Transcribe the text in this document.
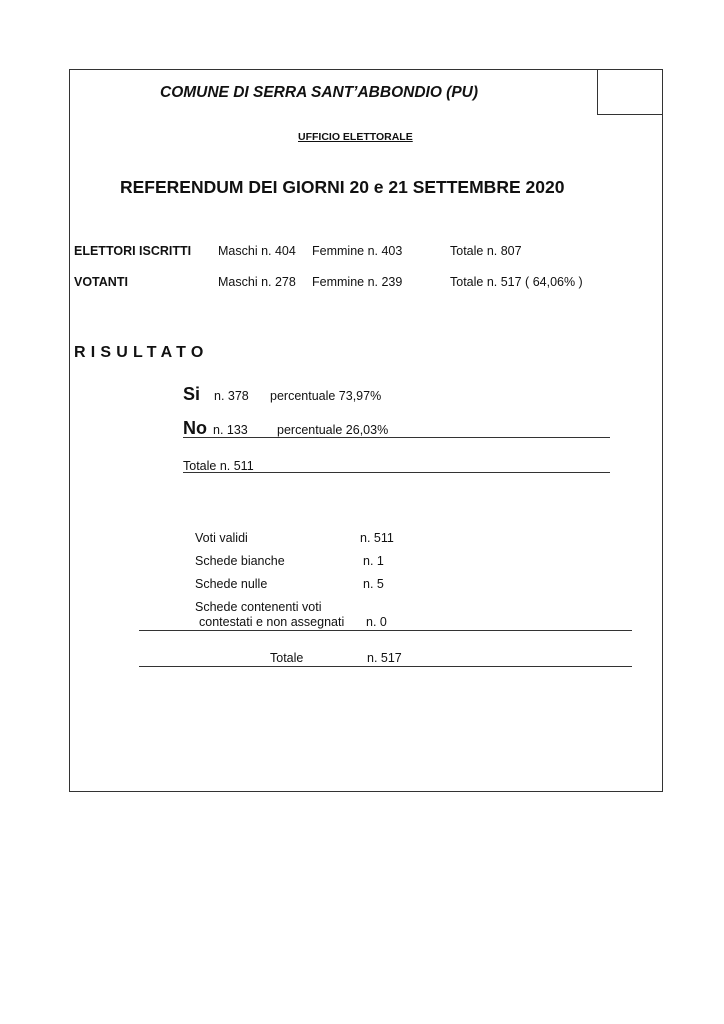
COMUNE DI SERRA SANT’ABBONDIO (PU)
UFFICIO ELETTORALE
REFERENDUM DEI GIORNI 20 e 21 SETTEMBRE 2020
ELETTORI ISCRITTI Maschi n. 404 Femmine n. 403	Totale n. 807
VOTANTI	Maschi n. 278 Femmine n. 239	Totale n. 517 ( 64,06% )
RISULTATO
Si n. 378 percentuale 73,97%
No n. 133 percentuale 26,03%
Totale n. 511
Voti validi	n. 511
Schede bianche	n. 1
Schede nulle	n. 5
Schede contenenti voti
contestati e non assegnati n. 0
Totale	n. 517
